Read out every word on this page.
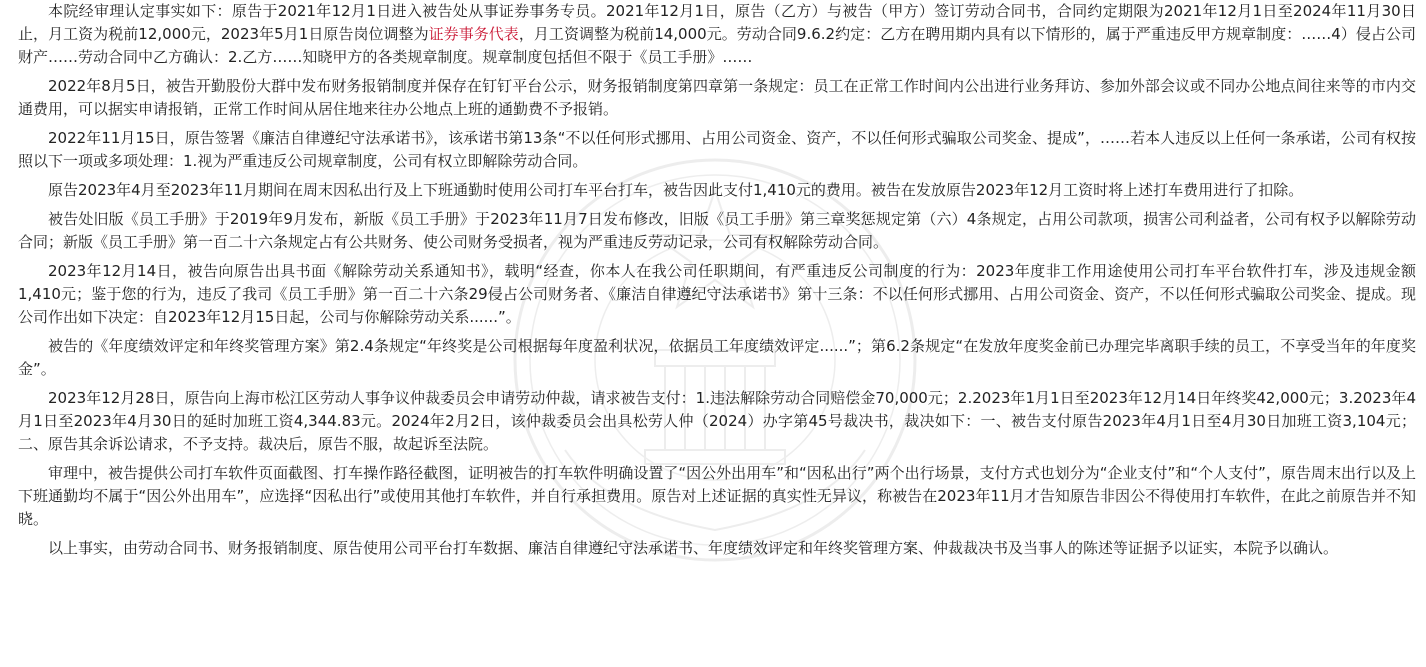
本院经审理认定事实如下：原告于2021年12月1日进入被告处从事证券事务专员。2021年12月1日，原告（乙方）与被告（甲方）签订劳动合同书，合同约定期限为2021年12月1日至2024年11月30日止，月工资为税前12,000元，2023年5月1日原告岗位调整为证券事务代表，月工资调整为税前14,000元。劳动合同9.6.2约定：乙方在聘用期内具有以下情形的，属于严重违反甲方规章制度：……4）侵占公司财产……劳动合同中乙方确认：2.乙方……知晓甲方的各类规章制度。规章制度包括但不限于《员工手册》……

2022年8月5日，被告开勤股份大群中发布财务报销制度并保存在钉钉平台公示，财务报销制度第四章第一条规定：员工在正常工作时间内公出进行业务拜访、参加外部会议或不同办公地点间往来等的市内交通费用，可以据实申请报销，正常工作时间从居住地来往办公地点上班的通勤费不予报销。

2022年11月15日，原告签署《廉洁自律遵纪守法承诺书》，该承诺书第13条“不以任何形式挪用、占用公司资金、资产，不以任何形式骗取公司奖金、提成”，……若本人违反以上任何一条承诺，公司有权按照以下一项或多项处理：1.视为严重违反公司规章制度，公司有权立即解除劳动合同。

原告2023年4月至2023年11月期间在周末因私出行及上下班通勤时使用公司打车平台打车，被告因此支付1,410元的费用。被告在发放原告2023年12月工资时将上述打车费用进行了扣除。

被告处旧版《员工手册》于2019年9月发布，新版《员工手册》于2023年11月7日发布修改，旧版《员工手册》第三章奖惩规定第（六）4条规定，占用公司款项，损害公司利益者，公司有权予以解除劳动合同；新版《员工手册》第一百二十六条规定占有公共财务、使公司财务受损者，视为严重违反劳动记录，公司有权解除劳动合同。

2023年12月14日，被告向原告出具书面《解除劳动关系通知书》，载明“经查，你本人在我公司任职期间，有严重违反公司制度的行为：2023年度非工作用途使用公司打车平台软件打车，涉及违规金额1,410元；鉴于您的行为，违反了我司《员工手册》第一百二十六条29侵占公司财务者、《廉洁自律遵纪守法承诺书》第十三条：不以任何形式挪用、占用公司资金、资产，不以任何形式骗取公司奖金、提成。现公司作出如下决定：自2023年12月15日起，公司与你解除劳动关系......”。

被告的《年度绩效评定和年终奖管理方案》第2.4条规定“年终奖是公司根据每年度盈利状况，依据员工年度绩效评定......”；第6.2条规定“在发放年度奖金前已办理完毕离职手续的员工，不享受当年的年度奖金”。

2023年12月28日，原告向上海市松江区劳动人事争议仲裁委员会申请劳动仲裁，请求被告支付：1.违法解除劳动合同赔偿金70,000元；2.2023年1月1日至2023年12月14日年终奖42,000元；3.2023年4月1日至2023年4月30日的延时加班工资4,344.83元。2024年2月2日，该仲裁委员会出具松劳人仲（2024）办字第45号裁决书，裁决如下：一、被告支付原告2023年4月1日至4月30日加班工资3,104元；二、原告其余诉讼请求，不予支持。裁决后，原告不服，故起诉至法院。

审理中，被告提供公司打车软件页面截图、打车操作路径截图，证明被告的打车软件明确设置了“因公外出用车”和“因私出行”两个出行场景，支付方式也划分为“企业支付”和“个人支付”，原告周末出行以及上下班通勤均不属于“因公外出用车”，应选择“因私出行”或使用其他打车软件，并自行承担费用。原告对上述证据的真实性无异议，称被告在2023年11月才告知原告非因公不得使用打车软件，在此之前原告并不知晓。

以上事实，由劳动合同书、财务报销制度、原告使用公司平台打车数据、廉洁自律遵纪守法承诺书、年度绩效评定和年终奖管理方案、仲裁裁决书及当事人的陈述等证据予以证实，本院予以确认。
